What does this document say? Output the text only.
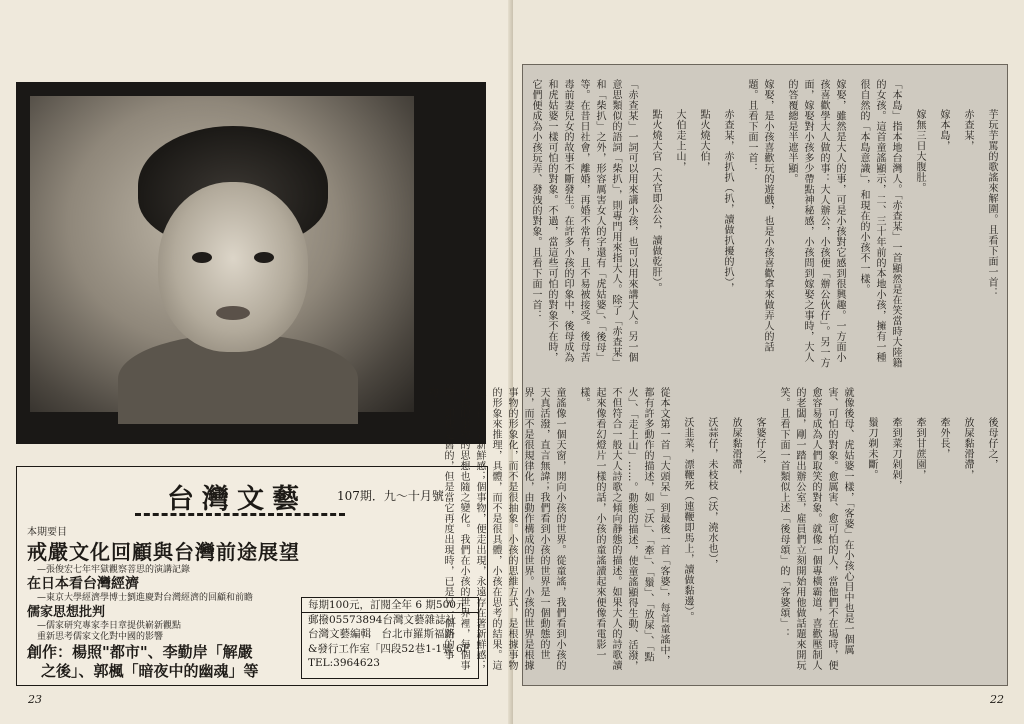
台灣文藝	107期．九～十月號
本期要目
戒嚴文化回顧與台灣前途展望
—張俊宏七年牢獄觀察菩思的演講記錄
在日本看台灣經濟
—東京大學經濟學博士劉進慶對台灣經濟的回顧和前瞻
儒家思想批判
—儒家研究專家李日章提供嶄新觀點
重新思考儒家文化對中國的影響
創作：楊照"都市"、李勤岸「解嚴
之後」、郭楓「暗夜中的幽魂」等
每期100元，訂閱全年 6 期500元
郵撥05573894台灣文藝雜誌社
台灣文藝編輯　台北市羅斯福路
&發行工作室「四段52巷1-1號 6F
TEL:3964623
23	22

芋玩芋罵的歌謠來解圍。且看下面一首：

赤查某，

嫁本島，

嫁無三日大腹肚。

「本島」指本地台灣人。「赤查某」一首顯然是在笑當時大陸籍的女孩。這首童謠顯示，二、三十年前的本地小孩，擁有一種很自然的「本島意識」，和現在的小孩不一樣。

嫁娶，雖然是大人的事，可是小孩對它感到很興趣。一方面小孩喜歡學大人做的事：大人辦公，小孩便「辦公伙仔」。另一方面，嫁娶對小孩多少帶點神秘感，小孩問到嫁娶之事時，大人的答覆總是半遮半顯。

嫁娶，是小孩喜歡玩的遊戲，也是小孩喜歡拿來做弄人的話題。且看下面一首：

赤查某，赤扒扒（扒，讀做扒擾的扒），

點火燒大伯，

大伯走上山，

點火燒大官（大官即公公，讀做乾肝）。

「赤查某」一詞可以用來講小孩，也可以用來講大人。另一個意思類似的語詞「柴扒」，則專門用來指大人。除了「赤查某」和「柴扒」之外，形容厲害女人的字還有「虎姑婆」、「後母」等。在昔日社會，離婚，再婚不常有，且不易被接受。後母苦毒前妻兒女的故事不斷發生。在許多小孩的印象中，後母成為和虎姑婆一樣可怕的對象。不過，當這些可怕的對象不在時，它們便成為小孩玩弄、發洩的對象。且看下面一首：

後母仔之，

放屎黏滑滯，

牽外長，

牽到甘蔗園，

牽到菜刀剁剁，

鬚刀剃未斷。

就像後母、虎姑婆一樣，「客婆」在小孩心目中也是一個厲害、可怕的對象。愈厲害、愈可怕的人，當他們不在場時，便愈容易成為人們取笑的對象。就像一個專橫霸道，喜歡壓制人的老闆，剛一踏出辦公室，雇員們立刻開始用他做話題來開玩笑。且看下面一首類似上述「後母頌」的「客婆頌」：

客婆仔之，

放屎黏滑滯，

沃蒜仔，未枝枝（沃，澆水也），

沃韭菜，漂鞭死（連鞭即馬上，讀做黏邊）。

從本文第一首「大頭呆」到最後一首「客婆」，每首童謠中，都有許多動作的描述，如「沃」、「牽」、「鬚」、「放屎」、「點火」、「走上山」……。動態的描述，使童謠顯得生動、活潑，不但符合一般大人詩歌之傾向靜態的描述。如果大人的詩歌讀起來像看幻燈片一樣的話，小孩的童謠讀起來便像看電影一樣。

童謠像一個天窗，開向小孩的世界。從童謠，我們看到小孩的天真活潑，直言無諱；我們看到小孩的世界是一個動態的世界，而不是很規律化，由動作構成的世界。小孩的世界是根據事物的形象化，而不是很抽象。小孩的思維方式，是根據事物的形象來推理，具體，而不是很具體，小孩在思考的結果。這是小孩在著新鮮感；個事物，便走出現，永遠存在著新鮮感；小孩的事物的思想也隨之變化。我們在小孩的世界裡，每個事物，即使是舊的，但是當它再度出現時，已是另一個新的事物。
